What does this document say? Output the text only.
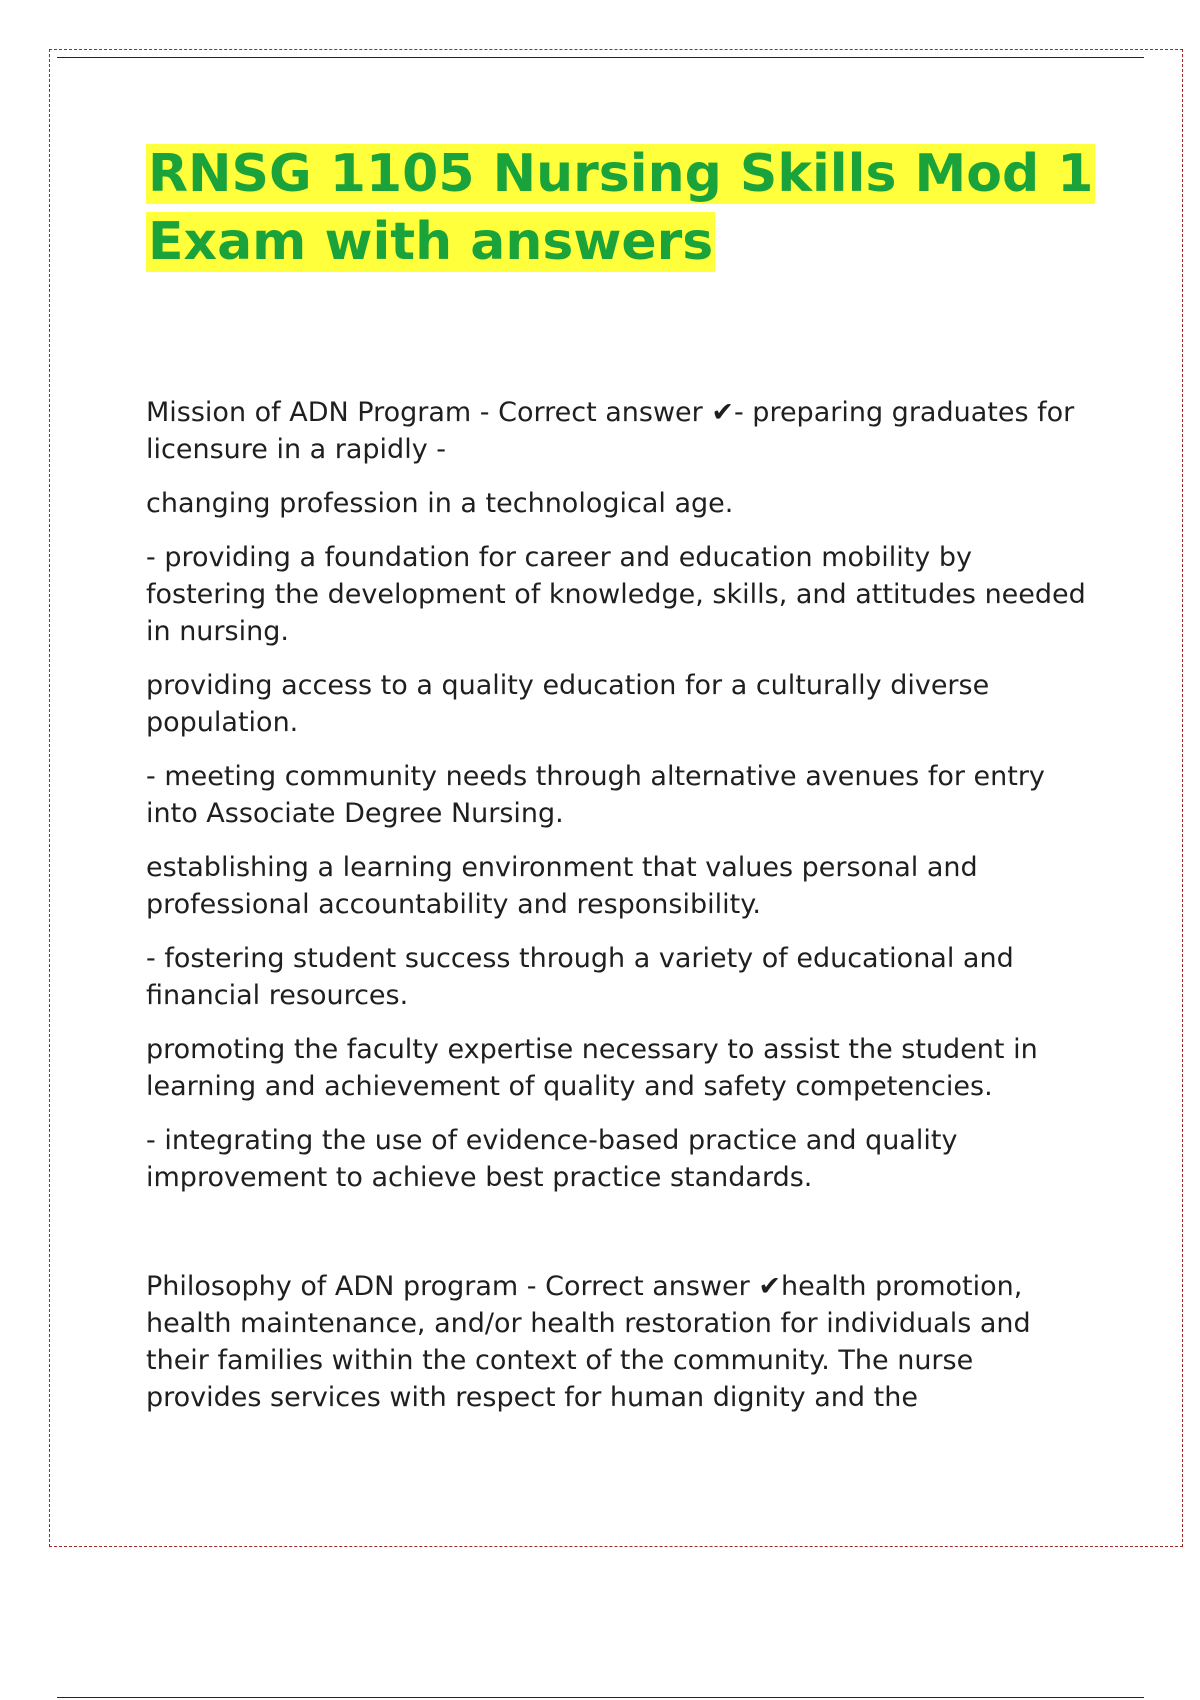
RNSG 1105 Nursing Skills Mod 1 Exam with answers

Mission of ADN Program - Correct answer ✔- preparing graduates for licensure in a rapidly -

changing profession in a technological age.

- providing a foundation for career and education mobility by fostering the development of knowledge, skills, and attitudes needed in nursing.

providing access to a quality education for a culturally diverse population.

- meeting community needs through alternative avenues for entry into Associate Degree Nursing.

establishing a learning environment that values personal and professional accountability and responsibility.

- fostering student success through a variety of educational and financial resources.

promoting the faculty expertise necessary to assist the student in learning and achievement of quality and safety competencies.

- integrating the use of evidence-based practice and quality improvement to achieve best practice standards.

Philosophy of ADN program - Correct answer ✔health promotion, health maintenance, and/or health restoration for individuals and their families within the context of the community. The nurse provides services with respect for human dignity and the
